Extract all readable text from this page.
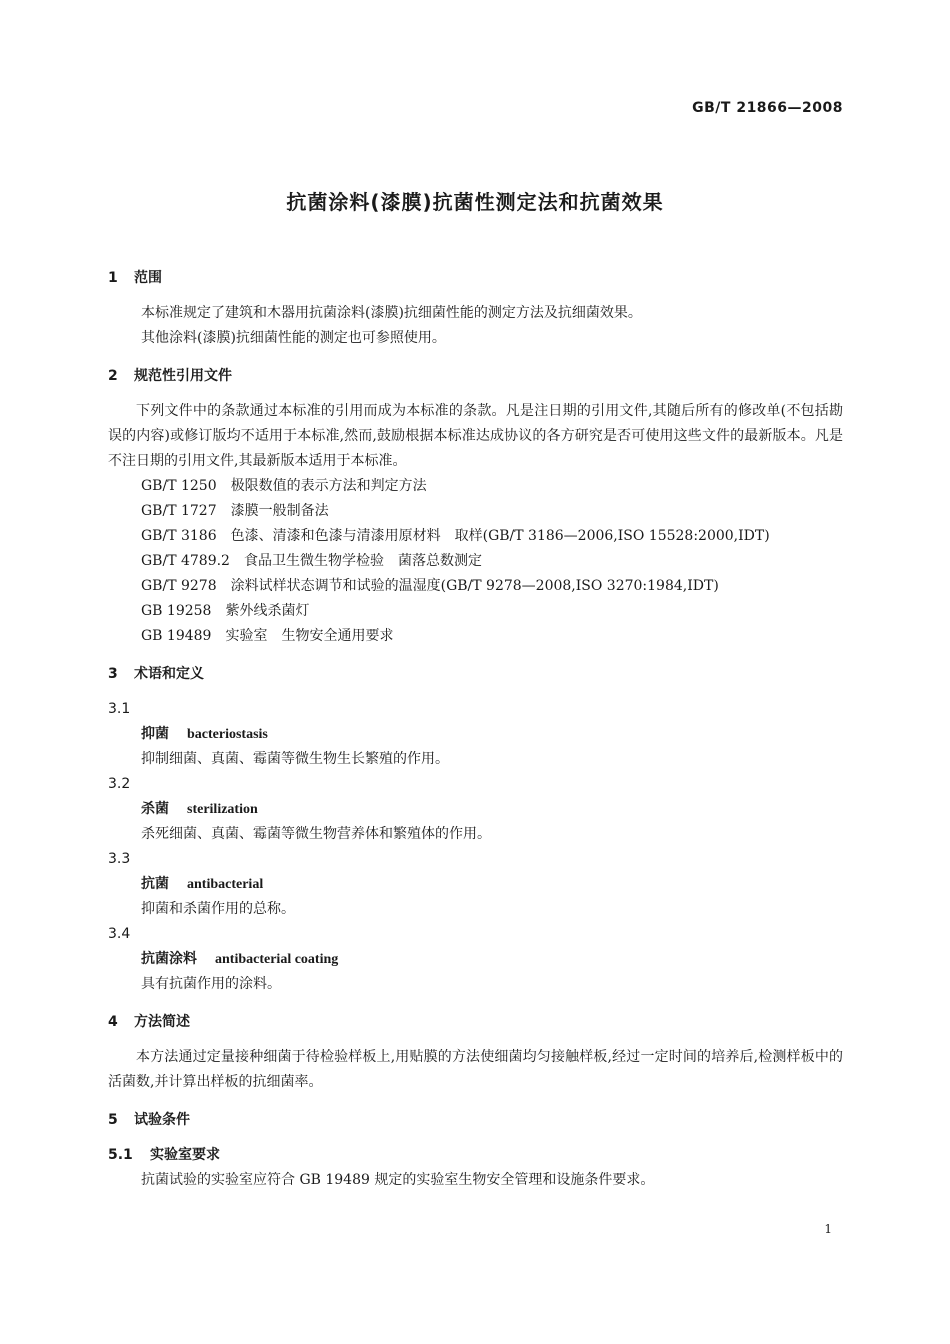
GB/T 21866—2008
抗菌涂料(漆膜)抗菌性测定法和抗菌效果
1 范围

本标准规定了建筑和木器用抗菌涂料(漆膜)抗细菌性能的测定方法及抗细菌效果。

其他涂料(漆膜)抗细菌性能的测定也可参照使用。

2 规范性引用文件

下列文件中的条款通过本标准的引用而成为本标准的条款。凡是注日期的引用文件,其随后所有的修改单(不包括勘误的内容)或修订版均不适用于本标准,然而,鼓励根据本标准达成协议的各方研究是否可使用这些文件的最新版本。凡是不注日期的引用文件,其最新版本适用于本标准。

GB/T 1250 极限数值的表示方法和判定方法
GB/T 1727 漆膜一般制备法
GB/T 3186 色漆、清漆和色漆与清漆用原材料　取样(GB/T 3186—2006,ISO 15528:2000,IDT)
GB/T 4789.2 食品卫生微生物学检验　菌落总数测定
GB/T 9278 涂料试样状态调节和试验的温湿度(GB/T 9278—2008,ISO 3270:1984,IDT)
GB 19258 紫外线杀菌灯
GB 19489 实验室　生物安全通用要求
3 术语和定义

3.1

抑菌 bacteriostasis

抑制细菌、真菌、霉菌等微生物生长繁殖的作用。

3.2

杀菌 sterilization

杀死细菌、真菌、霉菌等微生物营养体和繁殖体的作用。

3.3

抗菌 antibacterial

抑菌和杀菌作用的总称。

3.4

抗菌涂料 antibacterial coating

具有抗菌作用的涂料。

4 方法简述

本方法通过定量接种细菌于待检验样板上,用贴膜的方法使细菌均匀接触样板,经过一定时间的培养后,检测样板中的活菌数,并计算出样板的抗细菌率。

5 试验条件
5.1 实验室要求

抗菌试验的实验室应符合 GB 19489 规定的实验室生物安全管理和设施条件要求。

1
